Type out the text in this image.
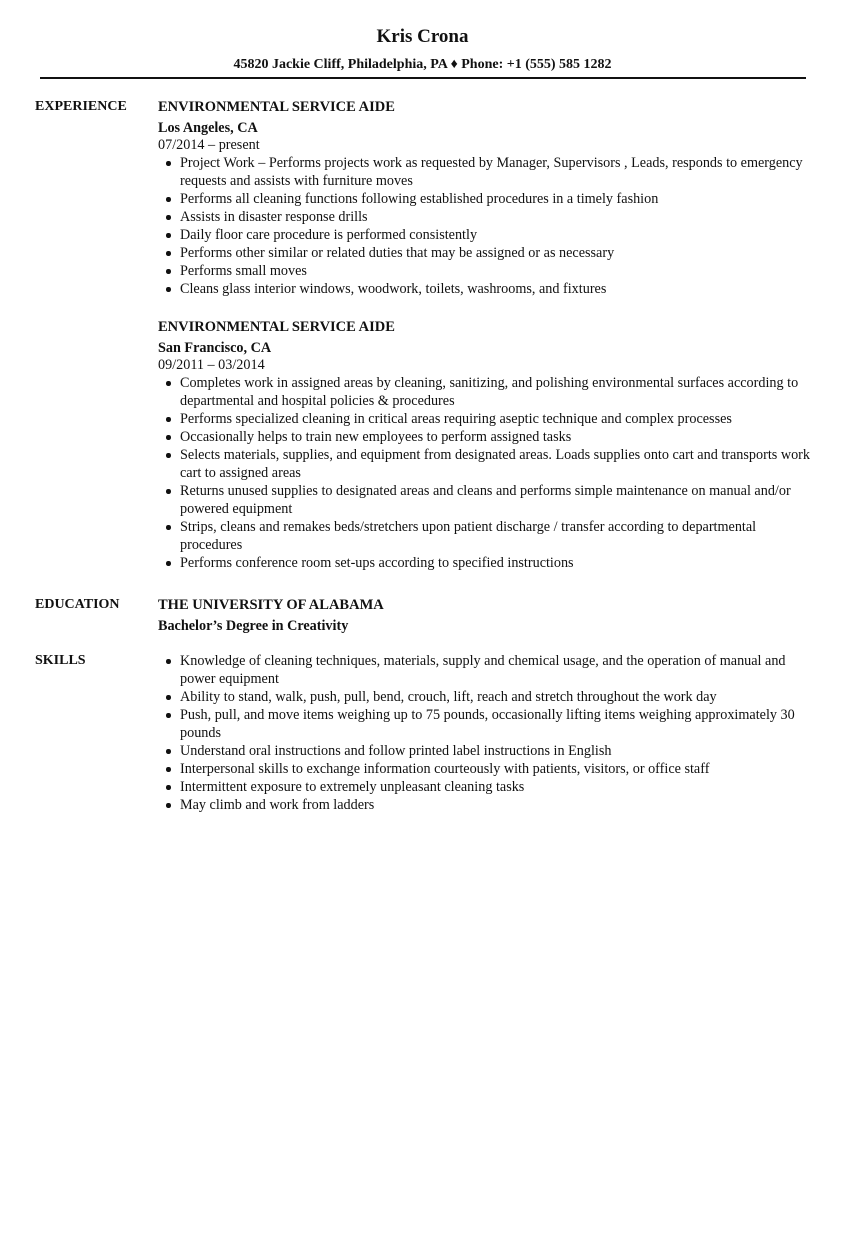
Kris Crona
45820 Jackie Cliff, Philadelphia, PA ♦ Phone: +1 (555) 585 1282
EXPERIENCE ENVIRONMENTAL SERVICE AIDE
Los Angeles, CA
07/2014 – present
Project Work – Performs projects work as requested by Manager, Supervisors , Leads, responds to emergency requests and assists with furniture moves
Performs all cleaning functions following established procedures in a timely fashion
Assists in disaster response drills
Daily floor care procedure is performed consistently
Performs other similar or related duties that may be assigned or as necessary
Performs small moves
Cleans glass interior windows, woodwork, toilets, washrooms, and fixtures
ENVIRONMENTAL SERVICE AIDE
San Francisco, CA
09/2011 – 03/2014
Completes work in assigned areas by cleaning, sanitizing, and polishing environmental surfaces according to departmental and hospital policies & procedures
Performs specialized cleaning in critical areas requiring aseptic technique and complex processes
Occasionally helps to train new employees to perform assigned tasks
Selects materials, supplies, and equipment from designated areas. Loads supplies onto cart and transports work cart to assigned areas
Returns unused supplies to designated areas and cleans and performs simple maintenance on manual and/or powered equipment
Strips, cleans and remakes beds/stretchers upon patient discharge / transfer according to departmental procedures
Performs conference room set-ups according to specified instructions
EDUCATION	THE UNIVERSITY OF ALABAMA
Bachelor’s Degree in Creativity
SKILLS	Knowledge of cleaning techniques, materials, supply and chemical usage, and the operation of manual and power equipment
Ability to stand, walk, push, pull, bend, crouch, lift, reach and stretch throughout the work day
Push, pull, and move items weighing up to 75 pounds, occasionally lifting items weighing approximately 30 pounds
Understand oral instructions and follow printed label instructions in English
Interpersonal skills to exchange information courteously with patients, visitors, or office staff
Intermittent exposure to extremely unpleasant cleaning tasks
May climb and work from ladders
